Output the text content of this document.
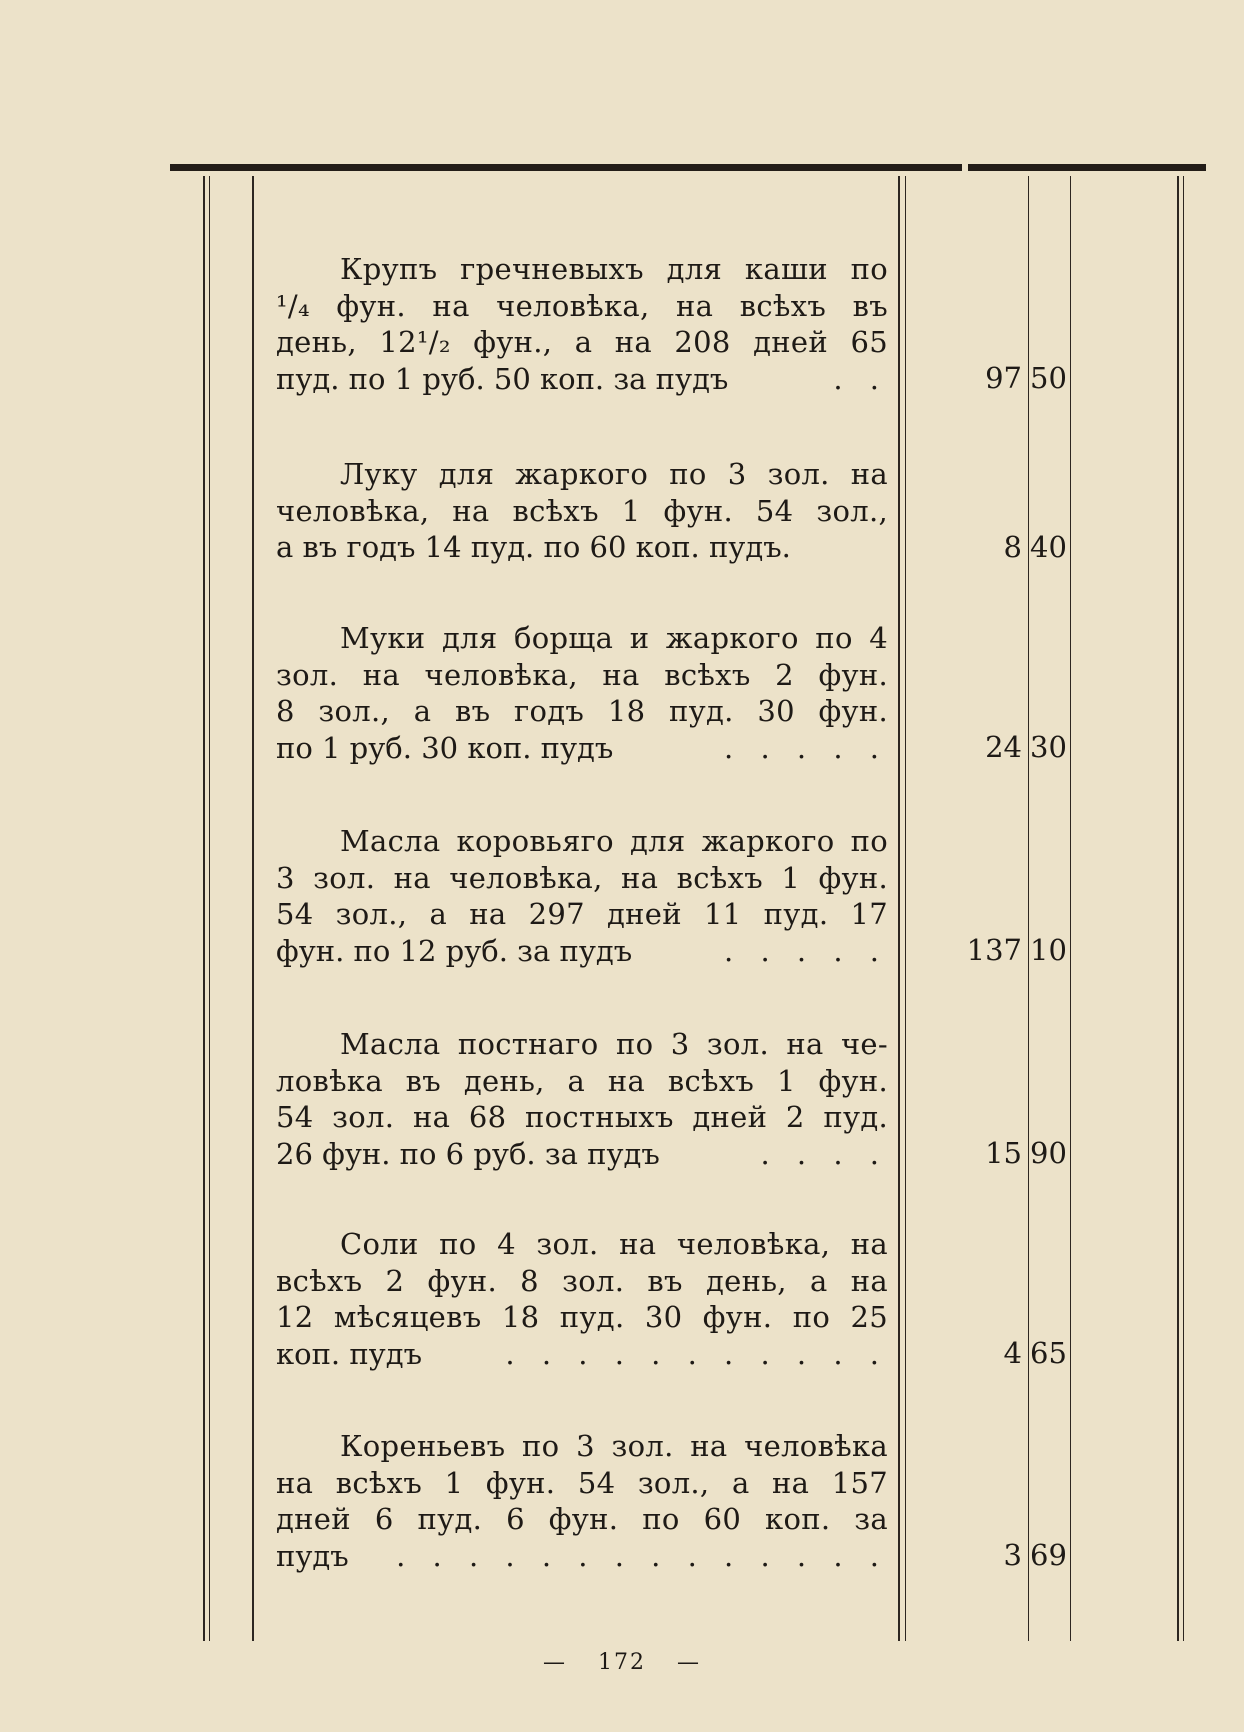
Крупъ гречневыхъ для каши по
¹/₄ фун. на человѣка, на всѣхъ въ
день, 12¹/₂ фун., а на 208 дней 65
пуд. по 1 руб. 50 коп. за пудъ	. .	97 50
Луку для жаркого по 3 зол. на
человѣка, на всѣхъ 1 фун. 54 зол.,
а въ годъ 14 пуд. по 60 коп. пудъ.	8 40
Муки для борща и жаркого по 4
зол. на человѣка, на всѣхъ 2 фун.
8 зол., а въ годъ 18 пуд. 30 фун.
по 1 руб. 30 коп. пудъ	. . . . .	24 30
Масла коровьяго для жаркого по
3 зол. на человѣка, на всѣхъ 1 фун.
54 зол., а на 297 дней 11 пуд. 17
фун. по 12 руб. за пудъ	. . . . .	137 10
Масла постнаго по 3 зол. на че-
ловѣка въ день, а на всѣхъ 1 фун.
54 зол. на 68 постныхъ дней 2 пуд.
26 фун. по 6 руб. за пудъ	. . . .	15 90
Соли по 4 зол. на человѣка, на
всѣхъ 2 фун. 8 зол. въ день, а на
12 мѣсяцевъ 18 пуд. 30 фун. по 25
коп. пудъ	. . . . . . . . . . .	4 65
Кореньевъ по 3 зол. на человѣка
на всѣхъ 1 фун. 54 зол., а на 157
дней 6 пуд. 6 фун. по 60 коп. за
пудъ	. . . . . . . . . . . . . .	3 69
— 172 —
